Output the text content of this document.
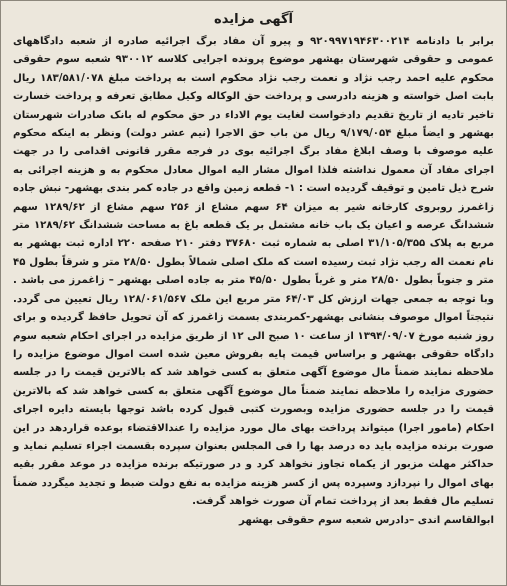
آگهی مزایده

برابر با دادنامه ۹۲۰۹۹۷۱۹۴۶۳۰۰۲۱۴ و پیرو آن مفاد برگ اجرائیه صادره از شعبه دادگاههای عمومی و حقوقی شهرستان بهشهر موضوع پرونده اجرایی کلاسه ۹۳۰۰۱۲ شعبه سوم حقوقی محکوم علیه احمد رجب نژاد و نعمت رجب نژاد محکوم است به پرداخت مبلغ ۱۸۳/۵۸۱/۰۷۸ ریال بابت اصل خواسته و هزینه دادرسی و پرداخت حق الوکاله وکیل مطابق تعرفه و پرداخت خسارت تاخیر تادیه از تاریخ تقدیم دادخواست لغایت یوم الاداء در حق محکوم له بانک صادرات شهرستان بهشهر و ایضاً مبلغ ۹/۱۷۹/۰۵۴ ریال من باب حق الاجرا (نیم عشر دولت) ونظر به اینکه محکوم علیه موصوف با وصف ابلاغ مفاد برگ اجرائیه بوی در فرجه مقرر قانونی اقدامی را در جهت اجرای مفاد آن معمول نداشته فلذا اموال مشار الیه اموال معادل محکوم به و هزینه اجرائی به شرح ذیل تامین و توقیف گردیده است : ۱- قطعه زمین واقع در جاده کمر بندی بهشهر- نبش جاده زاغمرز روبروی کارخانه شیر به میزان ۶۴ سهم مشاع از ۲۵۶ سهم مشاع از ۱۲۸۹/۶۲ سهم ششدانگ عرصه و اعیان یک باب خانه مشتمل بر یک قطعه باغ به مساحت ششدانگ ۱۲۸۹/۶۲ متر مربع به پلاک ۳۱/۱۰۵/۳۵۵ اصلی به شماره ثبت ۳۷۶۸۰ دفتر ۲۱۰ صفحه ۲۲۰ اداره ثبت بهشهر به نام نعمت اله رجب نژاد ثبت رسیده است که ملک اصلی شمالاً بطول ۲۸/۵۰ متر و شرقاً بطول ۴۵ متر و جنوباً بطول ۲۸/۵۰ متر و غرباً بطول ۴۵/۵۰ متر به جاده اصلی بهشهر – زاغمرز می باشد . وبا توجه به جمعی جهات ارزش کل ۶۴/۰۳ متر مربع این ملک ۱۲۸/۰۶۱/۵۶۷ ریال تعیین می گردد. نتیجتاً اموال موصوف بنشانی بهشهر-کمربندی بسمت زاغمرز که آن تحویل حافظ گردیده و برای روز شنبه مورخ ۱۳۹۴/۰۹/۰۷ از ساعت ۱۰ صبح الی ۱۲ از طریق مزایده در اجرای احکام شعبه سوم دادگاه حقوقی بهشهر و براساس قیمت پایه بفروش معین شده است اموال موضوع مزایده را ملاحظه نمایند ضمناً مال موضوع آگهی متعلق به کسی خواهد شد که بالاترین قیمت را در جلسه حضوری مزایده را ملاحظه نمایند ضمناً مال موضوع آگهی متعلق به کسی خواهد شد که بالاترین قیمت را در جلسه حضوری مزایده وبصورت کتبی قبول کرده باشد توجها بایسته دایره اجرای احکام (مامور اجرا) میتواند پرداخت بهای مال مورد مزایده را عندالاقتضاء بوعده قراردهد در این صورت برنده مزایده باید ده درصد بها را فی المجلس بعنوان سپرده بقسمت اجراء تسلیم نماید و حداکثر مهلت مزبور از یکماه تجاوز نخواهد کرد و در صورتیکه برنده مزایده در موعد مقرر بقیه بهای اموال را نپردازد وسپرده پس از کسر هزینه مزایده به نفع دولت ضبط و تجدید میگردد ضمناً تسلیم مال فقط بعد از پرداخت تمام آن صورت خواهد گرفت.

ابوالقاسم اندی –دادرس شعبه سوم حقوقی بهشهر
